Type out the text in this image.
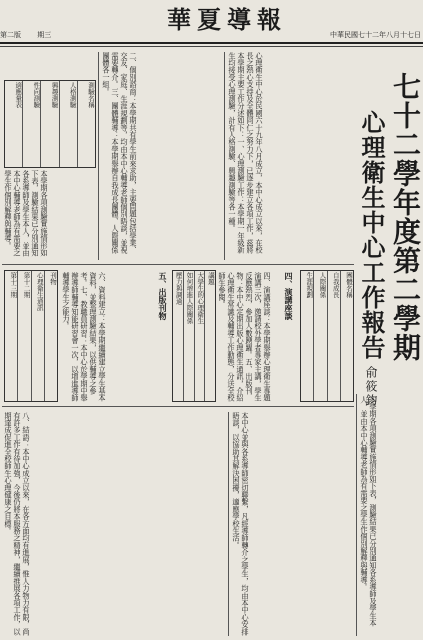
第二版 期三
華夏導報
中華民國七十二年八月十七日
七十二學年度第二學期
心理衛生中心工作報告
俞筱鈞
心理衛生中心於民國六十九年八月成立，本中心成立以來，在校長之熱心支持及全體同仁之努力下，已逐步建立各項工作，茲將本學期主要工作分述如下：一、心理測驗工作：本學期一年級新生均接受心理測驗，計有人格測驗、興趣測驗等各一種。
二、個別諮商：本學期共有學生前來求助，主要問題包括學業、交友、家庭、生涯規劃等，均由本中心輔導老師個別晤談，並視需要轉介。三、團體輔導：本學期舉辦自我成長團體、人際關係團體各一組。
測驗名稱
人格測驗
興趣測驗
性向測驗
適應量表
本學期各項測驗實施情形如下表，測驗結果已分別通知各系導師及學生本人，並由本中心輔導老師為有需要之學生作個別解釋與輔導。
團體名稱
自我成長
人際關係
生涯規劃
四、演講座談
四、演講座談：本學期舉辦心理衛生專題演講三次，邀請校外學者專家主講，學生反應熱烈，參加人數踴躍。五、出版刊物：本中心定期出版心理衛生通訊，介紹心理衛生常識及輔導工作動態，分送全校師生參閱。
講題
大學生的心理衛生
如何增進人際關係
壓力與調適
五、出版刊物
六、資料建立：本學期繼續建立學生基本資料，並整理測驗結果，以供輔導之參考。七、教職員研習：本中心於學期中舉辦導師輔導知能研習會一次，以增進導師輔導學生之能力。
刊物
心理衛生通訊
第十二期
第十三期
本中心並與各系導師密切聯繫，凡經導師轉介之學生，均由本中心安排晤談，以協助其解決困擾，適應學校生活。
八、結語：本中心成立以來，在各方面均有進展，惟人力物力有限，尚有許多工作有待加強，今後仍將本服務之精神，繼續推展各項工作，以期達成促進全校師生心理健康之目標。	本學期各項測驗實施情形如下表，測驗結果已分別通知各系導師及學生本人，並由本中心輔導老師為有需要之學生作個別解釋與輔導。
